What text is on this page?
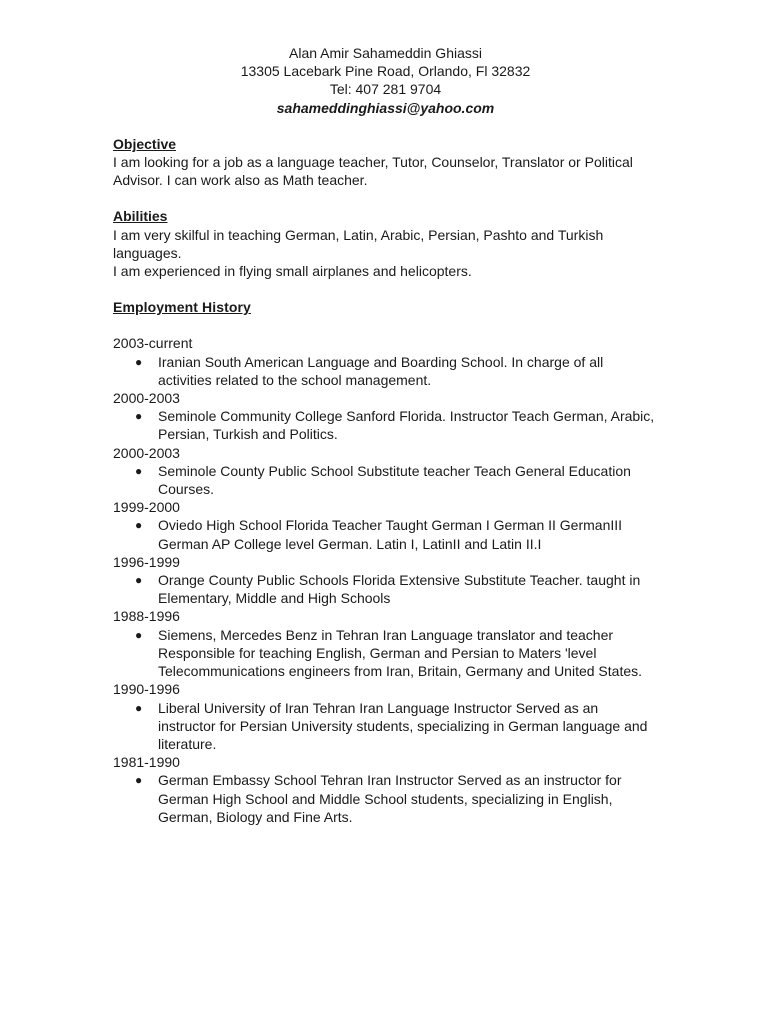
Alan Amir Sahameddin Ghiassi
13305 Lacebark Pine Road, Orlando, Fl 32832
Tel: 407 281 9704
sahameddinghiassi@yahoo.com
Objective

I am looking for a job as a language teacher, Tutor, Counselor, Translator or Political Advisor. I can work also as Math teacher.

Abilities

I am very skilful in teaching German, Latin, Arabic, Persian, Pashto and Turkish languages.

I am experienced in flying small airplanes and helicopters.

Employment History
2003-current
● Iranian South American Language and Boarding School. In charge of all activities related to the school management.
2000-2003
● Seminole Community College Sanford Florida. Instructor Teach German, Arabic, Persian, Turkish and Politics.
2000-2003
● Seminole County Public School Substitute teacher Teach General Education Courses.
1999-2000
● Oviedo High School Florida Teacher Taught German I German II GermanIII German AP College level German. Latin I, LatinII and Latin II.I
1996-1999
● Orange County Public Schools Florida Extensive Substitute Teacher. taught in Elementary, Middle and High Schools
1988-1996
● Siemens, Mercedes Benz in Tehran Iran Language translator and teacher Responsible for teaching English, German and Persian to Maters 'level Telecommunications engineers from Iran, Britain, Germany and United States.
1990-1996
● Liberal University of Iran Tehran Iran Language Instructor Served as an instructor for Persian University students, specializing in German language and literature.
1981-1990
● German Embassy School Tehran Iran Instructor Served as an instructor for German High School and Middle School students, specializing in English, German, Biology and Fine Arts.
